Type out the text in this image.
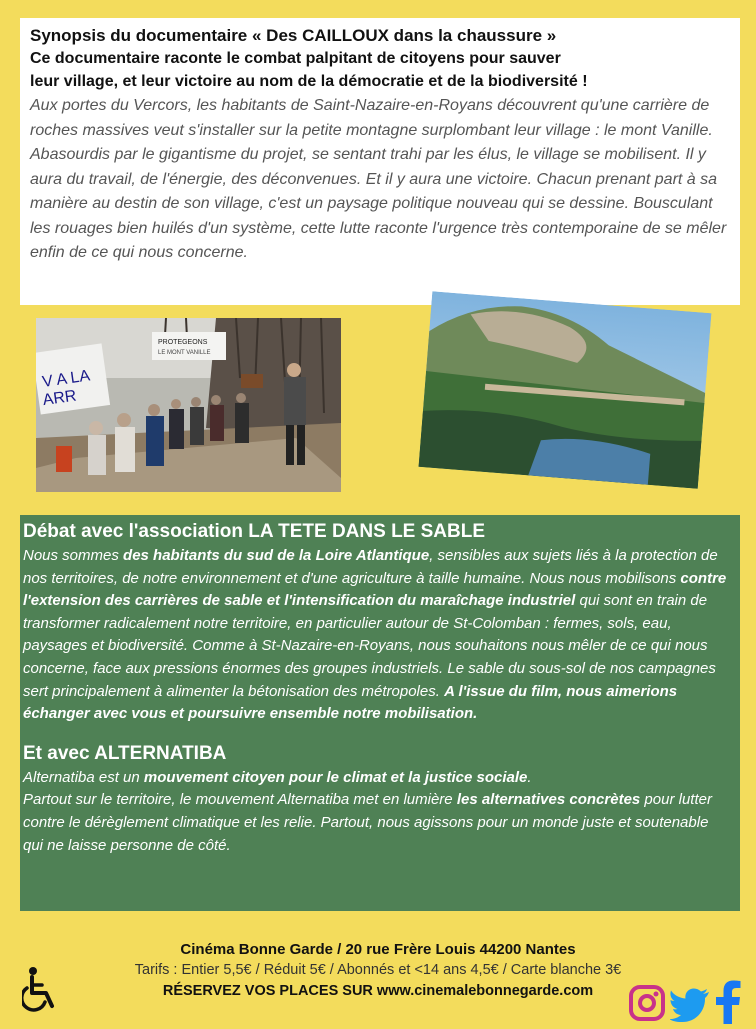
Synopsis du documentaire « Des CAILLOUX dans la chaussure »
Ce documentaire raconte le combat palpitant de citoyens pour sauver
leur village, et leur victoire au nom de la démocratie et de la biodiversité !
Aux portes du Vercors, les habitants de Saint-Nazaire-en-Royans découvrent qu'une carrière de roches massives veut s'installer sur la petite montagne surplombant leur village : le mont Vanille. Abasourdis par le gigantisme du projet, se sentant trahi par les élus, le village se mobilisent. Il y aura du travail, de l'énergie, des déconvenues. Et il y aura une victoire. Chacun prenant part à sa manière au destin de son village, c'est un paysage politique nouveau qui se dessine. Bousculant les rouages bien huilés d'un système, cette lutte raconte l'urgence très contemporaine de se mêler enfin de ce qui nous concerne.
V A LA
ARR
PROTEGEONS
LE MONT VANILLE
Débat avec l'association LA TETE DANS LE SABLE

Nous sommes des habitants du sud de la Loire Atlantique, sensibles aux sujets liés à la protection de nos territoires, de notre environnement et d'une agriculture à taille humaine. Nous nous mobilisons contre l'extension des carrières de sable et l'intensification du maraîchage industriel qui sont en train de transformer radicalement notre territoire, en particulier autour de St-Colomban : fermes, sols, eau, paysages et biodiversité. Comme à St-Nazaire-en-Royans, nous souhaitons nous mêler de ce qui nous concerne, face aux pressions énormes des groupes industriels. Le sable du sous-sol de nos campagnes sert principalement à alimenter la bétonisation des métropoles. A l'issue du film, nous aimerions échanger avec vous et poursuivre ensemble notre mobilisation.

Et avec ALTERNATIBA

Alternatiba est un mouvement citoyen pour le climat et la justice sociale.

Partout sur le territoire, le mouvement Alternatiba met en lumière les alternatives concrètes pour lutter contre le dérèglement climatique et les relie. Partout, nous agissons pour un monde juste et soutenable qui ne laisse personne de côté.

Cinéma Bonne Garde / 20 rue Frère Louis 44200 Nantes
Tarifs : Entier 5,5€ / Réduit 5€ / Abonnés et <14 ans 4,5€ / Carte blanche 3€
RÉSERVEZ VOS PLACES SUR www.cinemalebonnegarde.com
